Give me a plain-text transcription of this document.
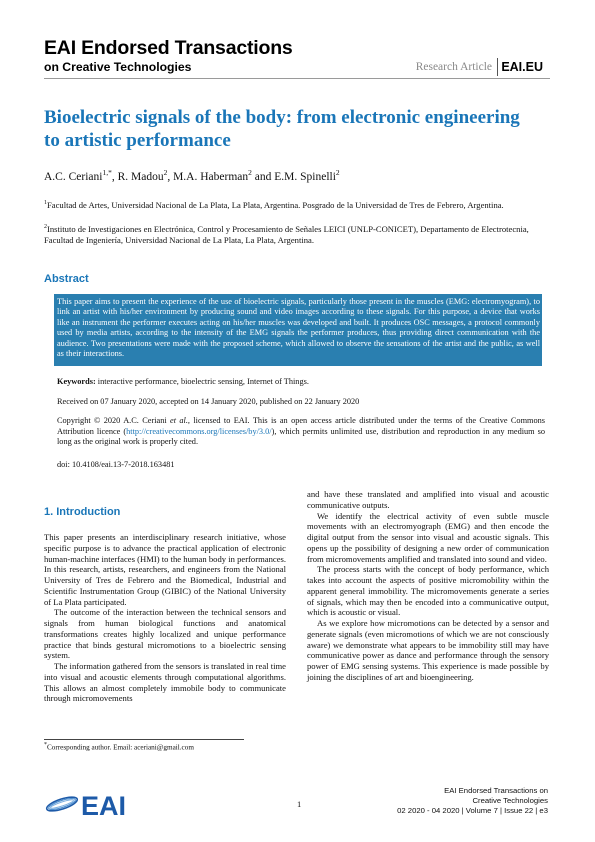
EAI Endorsed Transactions
on Creative Technologies	Research Article EAI.EU
Bioelectric signals of the body: from electronic engineering to artistic performance
A.C. Ceriani$^{1,*}$, R. Madou$^2$, M.A. Haberman$^2$ and E.M. Spinelli$^2$
$^1$Facultad de Artes, Universidad Nacional de La Plata, La Plata, Argentina. Posgrado de la Universidad de Tres de Febrero, Argentina.
$^2$Instituto de Investigaciones en Electrónica, Control y Procesamiento de Señales LEICI (UNLP-CONICET), Departamento de Electrotecnia, Facultad de Ingeniería, Universidad Nacional de La Plata, La Plata, Argentina.
Abstract
This paper aims to present the experience of the use of bioelectric signals, particularly those present in the muscles (EMG: electromyogram), to link an artist with his/her environment by producing sound and video images according to these signals. For this purpose, a device that works like an instrument the performer executes acting on his/her muscles was developed and built. It produces OSC messages, a protocol commonly used by media artists, according to the intensity of the EMG signals the performer produces, thus providing direct communication with the audience. Two presentations were made with the proposed scheme, which allowed to observe the sensations of the artist and the public, as well as their interactions.
Keywords: interactive performance, bioelectric sensing, Internet of Things.
Received on 07 January 2020, accepted on 14 January 2020, published on 22 January 2020
Copyright © 2020 A.C. Ceriani et al., licensed to EAI. This is an open access article distributed under the terms of the Creative Commons Attribution licence (http://creativecommons.org/licenses/by/3.0/), which permits unlimited use, distribution and reproduction in any medium so long as the original work is properly cited.
doi: 10.4108/eai.13-7-2018.163481
1. Introduction

This paper presents an interdisciplinary research initiative, whose specific purpose is to advance the practical application of electronic human-machine interfaces (HMI) to the human body in performances. In this research, artists, researchers, and engineers from the National University of Tres de Febrero and the Biomedical, Industrial and Scientific Instrumentation Group (GIBIC) of the National University of La Plata participated.

The outcome of the interaction between the technical sensors and signals from human biological functions and anatomical transformations creates highly localized and unique performance practice that binds gestural micromotions to a bioelectric sensing system.

The information gathered from the sensors is translated in real time into visual and acoustic elements through computational algorithms. This allows an almost completely immobile body to communicate through micromovements

and have these translated and amplified into visual and acoustic communicative outputs.

We identify the electrical activity of even subtle muscle movements with an electromyograph (EMG) and then encode the digital output from the sensor into visual and acoustic signals. This opens up the possibility of designing a new order of communication from micromovements amplified and translated into sound and video.

The process starts with the concept of body performance, which takes into account the aspects of positive micromobility within the apparent general immobility. The micromovements generate a series of signals, which may then be encoded into a communicative output, which is acoustic or visual.

As we explore how micromotions can be detected by a sensor and generate signals (even micromotions of which we are not consciously aware) we demonstrate what appears to be immobility still may have communicative power as dance and performance through the sensory power of EMG sensing systems. This experience is made possible by joining the disciplines of art and bioengineering.

*Corresponding author. Email: aceriani@gmail.com
EAI	1
EAI Endorsed Transactions on
Creative Technologies
02 2020 - 04 2020 | Volume 7 | Issue 22 | e3
